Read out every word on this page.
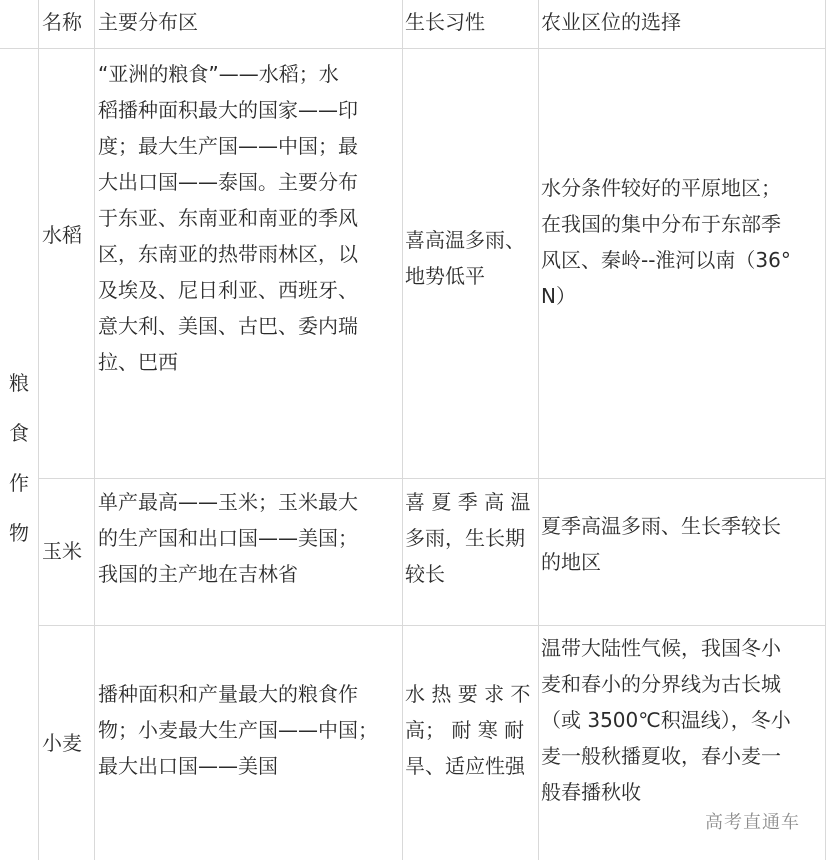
名称 主要分布区	生长习性	农业区位的选择
粮
食
作
物
水稻
“亚洲的粮食”——水稻；水
稻播种面积最大的国家——印
度；最大生产国——中国；最
大出口国——泰国。主要分布
于东亚、东南亚和南亚的季风
区，东南亚的热带雨林区，以
及埃及、尼日利亚、西班牙、
意大利、美国、古巴、委内瑞
拉、巴西
喜高温多雨、
地势低平
水分条件较好的平原地区；
在我国的集中分布于东部季
风区、秦岭--淮河以南（36°
N）
玉米
单产最高——玉米；玉米最大
的生产国和出口国——美国；
我国的主产地在吉林省
喜 夏 季 高 温
多雨，生长期
较长
夏季高温多雨、生长季较长
的地区
小麦
播种面积和产量最大的粮食作
物；小麦最大生产国——中国；
最大出口国——美国
水 热 要 求 不
高； 耐 寒 耐
旱、适应性强
温带大陆性气候，我国冬小
麦和春小的分界线为古长城
（或 3500℃积温线），冬小
麦一般秋播夏收，春小麦一
般春播秋收
高考直通车
